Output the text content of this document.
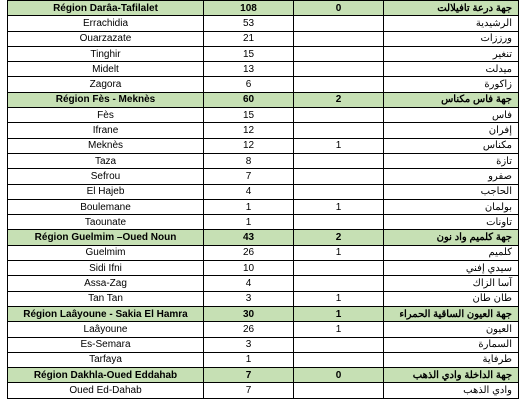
Région Darâa-Tafilalet	108	0	جهة درعة تافيلالت
Errachidia	53		الرشيدية
Ouarzazate	21		ورززات
Tinghir	15		تنغير
Midelt	13		ميدلت
Zagora	6		زاكورة
Région Fès - Meknès	60	2	جهة فاس مكناس
Fès	15		فاس
Ifrane	12		إفران
Meknès	12	1	مكناس
Taza	8		تازة
Sefrou	7		صفرو
El Hajeb	4		الحاجب
Boulemane	1	1	بولمان
Taounate	1		تاونات
Région Guelmim –Oued Noun	43	2	جهة كلميم واد نون
Guelmim	26	1	كلميم
Sidi Ifni	10		سيدي إفني
Assa-Zag	4		آسا الزاك
Tan Tan	3	1	طان طان
Région Laâyoune - Sakia El Hamra	30	1	جهة العيون الساقية الحمراء
Laâyoune	26	1	العيون
Es-Semara	3		السمارة
Tarfaya	1		طرفاية
Région Dakhla-Oued Eddahab	7	0	جهة الداخلة وادي الذهب
Oued Ed-Dahab	7		وادي الذهب
